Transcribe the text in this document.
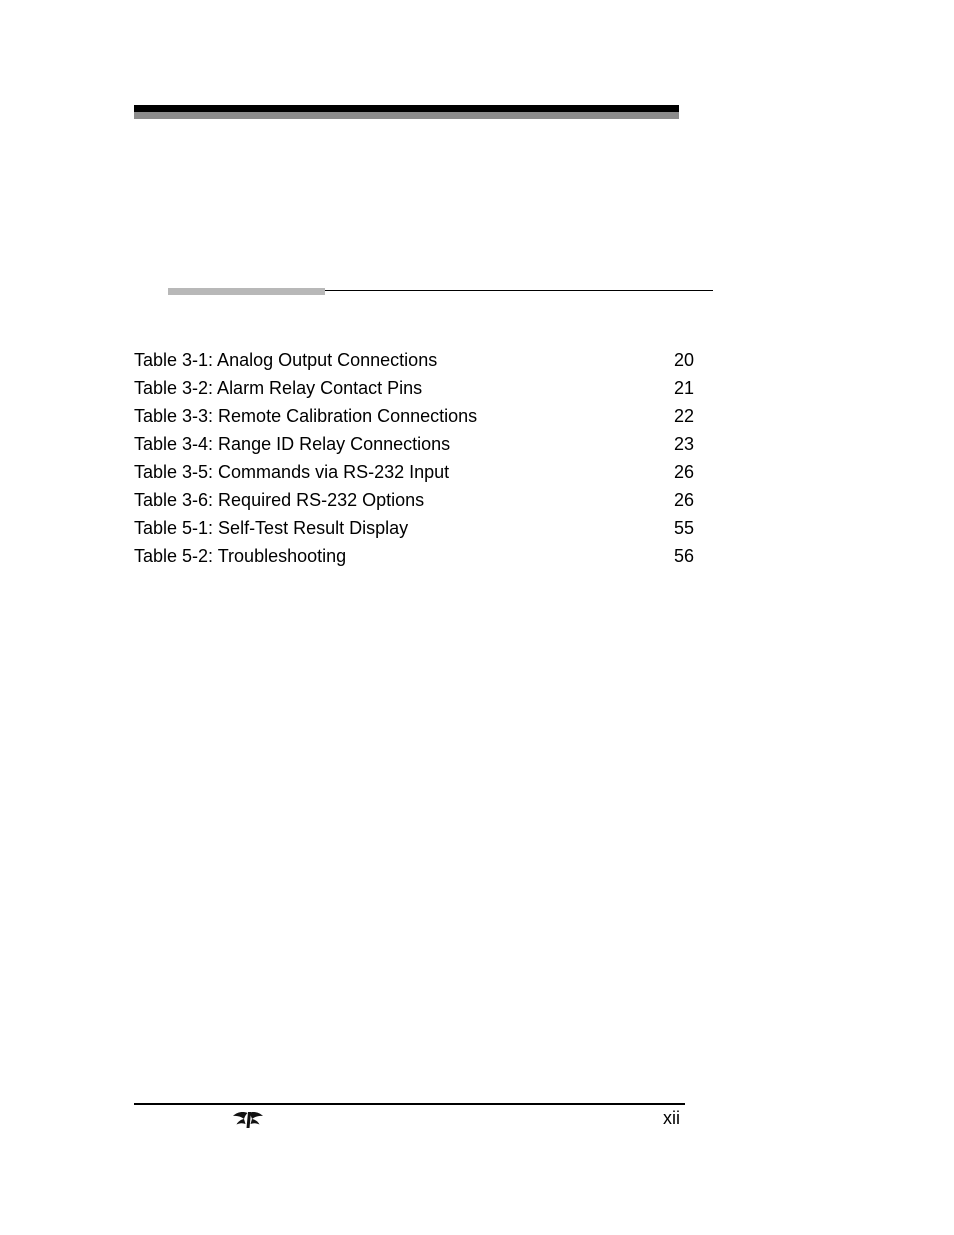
Table 3-1: Analog Output Connections	20
Table 3-2: Alarm Relay Contact Pins	21
Table 3-3: Remote Calibration Connections	22
Table 3-4: Range ID Relay Connections	23
Table 3-5: Commands via RS-232 Input	26
Table 3-6: Required RS-232 Options	26
Table 5-1: Self-Test Result Display	55
Table 5-2: Troubleshooting	56
xii
